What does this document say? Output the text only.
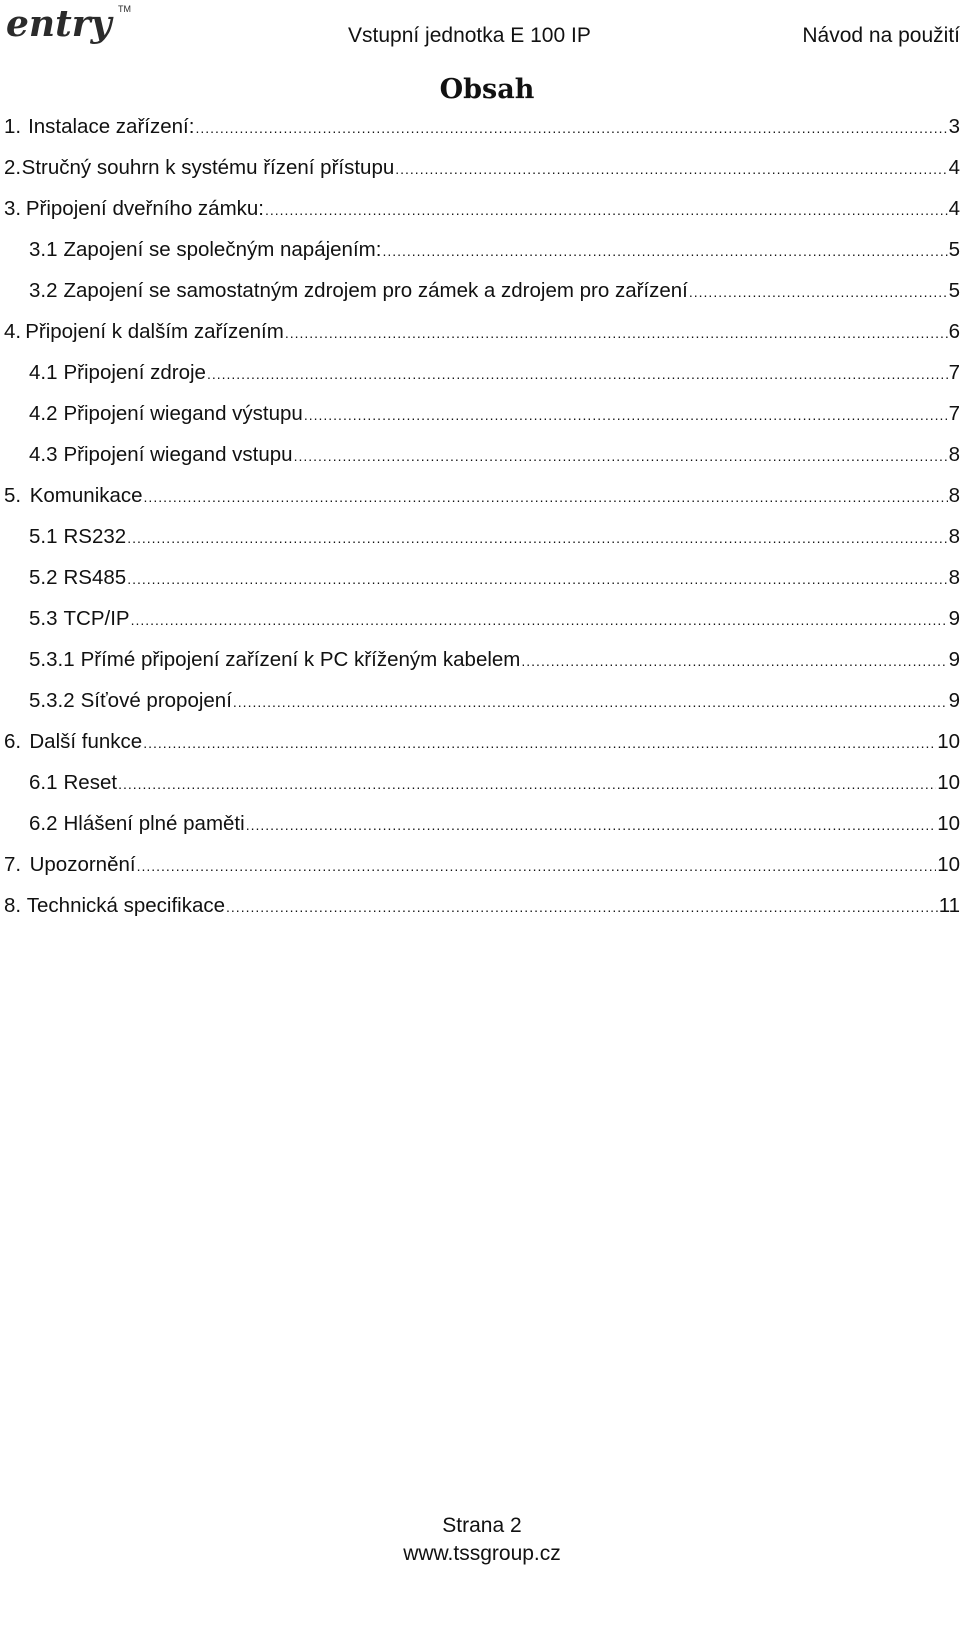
entry TM
Vstupní jednotka E 100 IP	Návod na použití
Obsah
1. Instalace zařízení: .....	3
2. Stručný souhrn k systému řízení přístupu .....	4
3. Připojení dveřního zámku: .....	4
3.1 Zapojení se společným napájením: .....	5
3.2 Zapojení se samostatným zdrojem pro zámek a zdrojem pro zařízení .....	5
4. Připojení k dalším zařízením .....	6
4.1 Připojení zdroje .....	7
4.2 Připojení wiegand výstupu .....	7
4.3 Připojení wiegand vstupu .....	8
5. Komunikace .....	8
5.1 RS232 .....	8
5.2 RS485 .....	8
5.3 TCP/IP .....	9
5.3.1 Přímé připojení zařízení k PC kříženým kabelem .....	9
5.3.2 Síťové propojení .....	9
6. Další funkce .....	10
6.1 Reset .....	10
6.2 Hlášení plné paměti .....	10
7. Upozornění .....	10
8. Technická specifikace .....	11
Strana 2
www.tssgroup.cz
